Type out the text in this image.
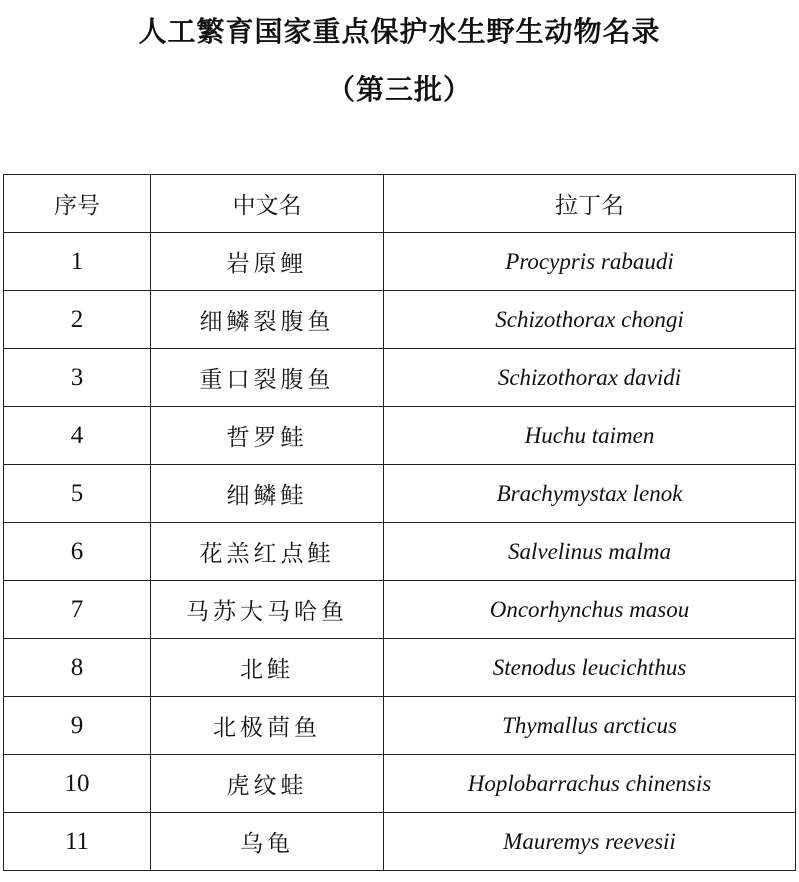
人工繁育国家重点保护水生野生动物名录
（第三批）
序号	中文名	拉丁名
1	岩原鲤	Procypris rabaudi
2	细鳞裂腹鱼	Schizothorax chongi
3	重口裂腹鱼	Schizothorax davidi
4	哲罗鲑	Huchu taimen
5	细鳞鲑	Brachymystax lenok
6	花羔红点鲑	Salvelinus malma
7	马苏大马哈鱼	Oncorhynchus masou
8	北鲑	Stenodus leucichthus
9	北极茴鱼	Thymallus arcticus
10	虎纹蛙	Hoplobarrachus chinensis
11	乌龟	Mauremys reevesii
